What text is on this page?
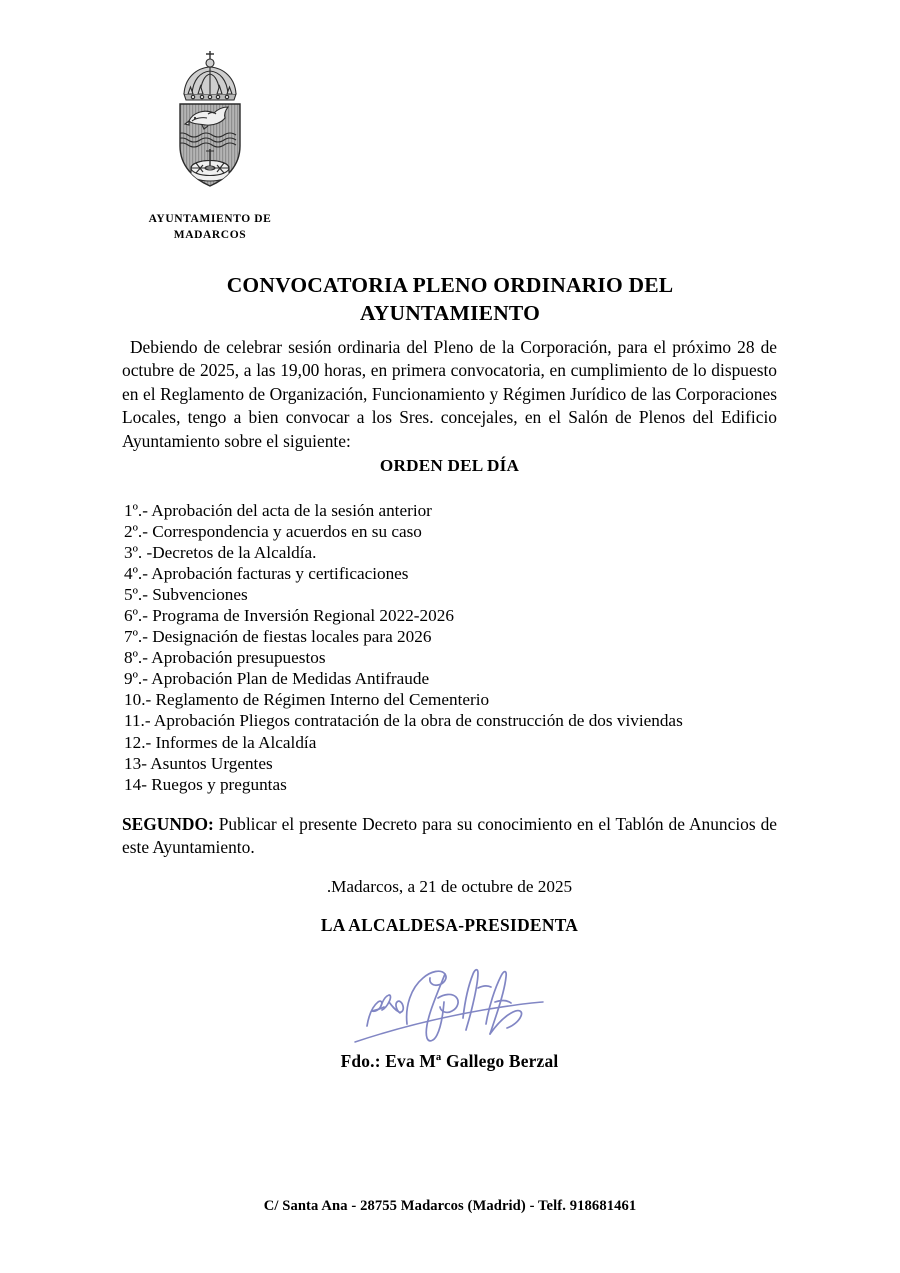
AYUNTAMIENTO DE
MADARCOS
CONVOCATORIA PLENO ORDINARIO DEL
AYUNTAMIENTO

Debiendo de celebrar sesión ordinaria del Pleno de la Corporación, para el próximo 28 de octubre de 2025, a las 19,00 horas, en primera convocatoria, en cumplimiento de lo dispuesto en el Reglamento de Organización, Funcionamiento y Régimen Jurídico de las Corporaciones Locales, tengo a bien convocar a los Sres. concejales, en el Salón de Plenos del Edificio Ayuntamiento sobre el siguiente:

ORDEN DEL DÍA
1º.- Aprobación del acta de la sesión anterior
2º.- Correspondencia y acuerdos en su caso
3º. -Decretos de la Alcaldía.
4º.- Aprobación facturas y certificaciones
5º.- Subvenciones
6º.- Programa de Inversión Regional 2022-2026
7º.- Designación de fiestas locales para 2026
8º.- Aprobación presupuestos
9º.- Aprobación Plan de Medidas Antifraude
10.- Reglamento de Régimen Interno del Cementerio
11.- Aprobación Pliegos contratación de la obra de construcción de dos viviendas
12.- Informes de la Alcaldía
13- Asuntos Urgentes
14- Ruegos y preguntas

SEGUNDO: Publicar el presente Decreto para su conocimiento en el Tablón de Anuncios de este Ayuntamiento.

.Madarcos, a 21 de octubre de 2025
LA ALCALDESA-PRESIDENTA
Fdo.: Eva Mª Gallego Berzal
C/ Santa Ana - 28755 Madarcos (Madrid) - Telf. 918681461
